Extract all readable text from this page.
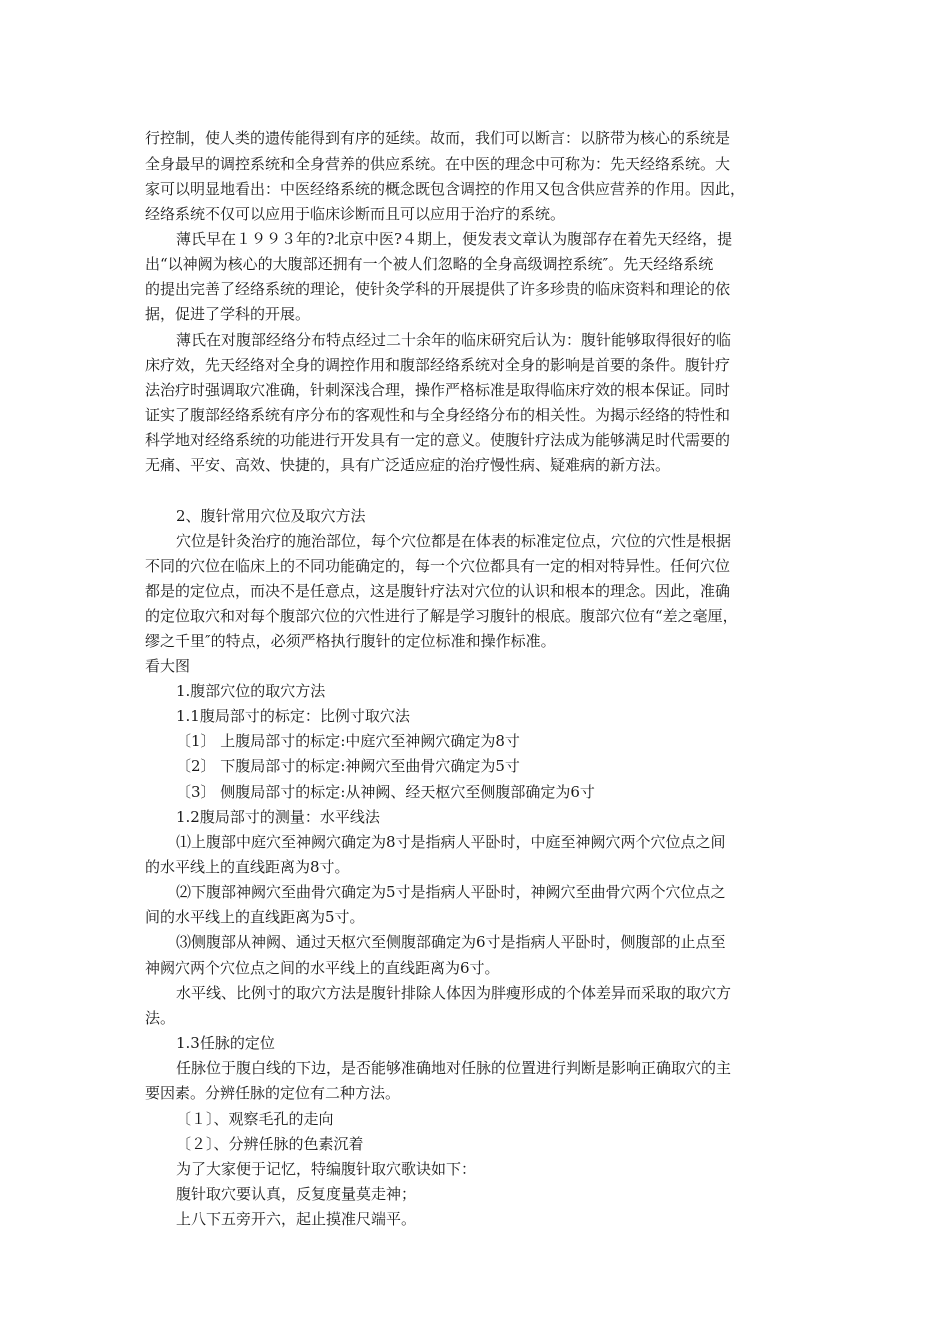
行控制，使人类的遗传能得到有序的延续。故而，我们可以断言：以脐带为核心的系统是
全身最早的调控系统和全身营养的供应系统。在中医的理念中可称为：先天经络系统。大
家可以明显地看出：中医经络系统的概念既包含调控的作用又包含供应营养的作用。因此，
经络系统不仅可以应用于临床诊断而且可以应用于治疗的系统。
薄氏早在１９９３年的?北京中医?４期上，便发表文章认为腹部存在着先天经络，提
出“以神阙为核心的大腹部还拥有一个被人们忽略的全身高级调控系统″。先天经络系统
的提出完善了经络系统的理论，使针灸学科的开展提供了许多珍贵的临床资料和理论的依
据，促进了学科的开展。
薄氏在对腹部经络分布特点经过二十余年的临床研究后认为：腹针能够取得很好的临
床疗效，先天经络对全身的调控作用和腹部经络系统对全身的影响是首要的条件。腹针疗
法治疗时强调取穴准确，针刺深浅合理，操作严格标准是取得临床疗效的根本保证。同时
证实了腹部经络系统有序分布的客观性和与全身经络分布的相关性。为揭示经络的特性和
科学地对经络系统的功能进行开发具有一定的意义。使腹针疗法成为能够满足时代需要的
无痛、平安、高效、快捷的，具有广泛适应症的治疗慢性病、疑难病的新方法。
2、腹针常用穴位及取穴方法
穴位是针灸治疗的施治部位，每个穴位都是在体表的标准定位点，穴位的穴性是根据
不同的穴位在临床上的不同功能确定的，每一个穴位都具有一定的相对特异性。任何穴位
都是的定位点，而决不是任意点，这是腹针疗法对穴位的认识和根本的理念。因此，准确
的定位取穴和对每个腹部穴位的穴性进行了解是学习腹针的根底。腹部穴位有“差之毫厘，
缪之千里″的特点，必须严格执行腹针的定位标准和操作标准。
看大图
1.腹部穴位的取穴方法
1.1腹局部寸的标定：比例寸取穴法
〔1〕 上腹局部寸的标定:中庭穴至神阙穴确定为8寸
〔2〕 下腹局部寸的标定:神阙穴至曲骨穴确定为5寸
〔3〕 侧腹局部寸的标定:从神阙、经天枢穴至侧腹部确定为6寸
1.2腹局部寸的测量：水平线法
⑴上腹部中庭穴至神阙穴确定为8寸是指病人平卧时，中庭至神阙穴两个穴位点之间
的水平线上的直线距离为8寸。
⑵下腹部神阙穴至曲骨穴确定为5寸是指病人平卧时，神阙穴至曲骨穴两个穴位点之
间的水平线上的直线距离为5寸。
⑶侧腹部从神阙、通过天枢穴至侧腹部确定为6寸是指病人平卧时，侧腹部的止点至
神阙穴两个穴位点之间的水平线上的直线距离为6寸。
水平线、比例寸的取穴方法是腹针排除人体因为胖瘦形成的个体差异而采取的取穴方
法。
1.3任脉的定位
任脉位于腹白线的下边，是否能够准确地对任脉的位置进行判断是影响正确取穴的主
要因素。分辨任脉的定位有二种方法。
〔１〕、观察毛孔的走向
〔２〕、分辨任脉的色素沉着
为了大家便于记忆，特编腹针取穴歌诀如下：
腹针取穴要认真，反复度量莫走神；
上八下五旁开六，起止摸准尺端平。
